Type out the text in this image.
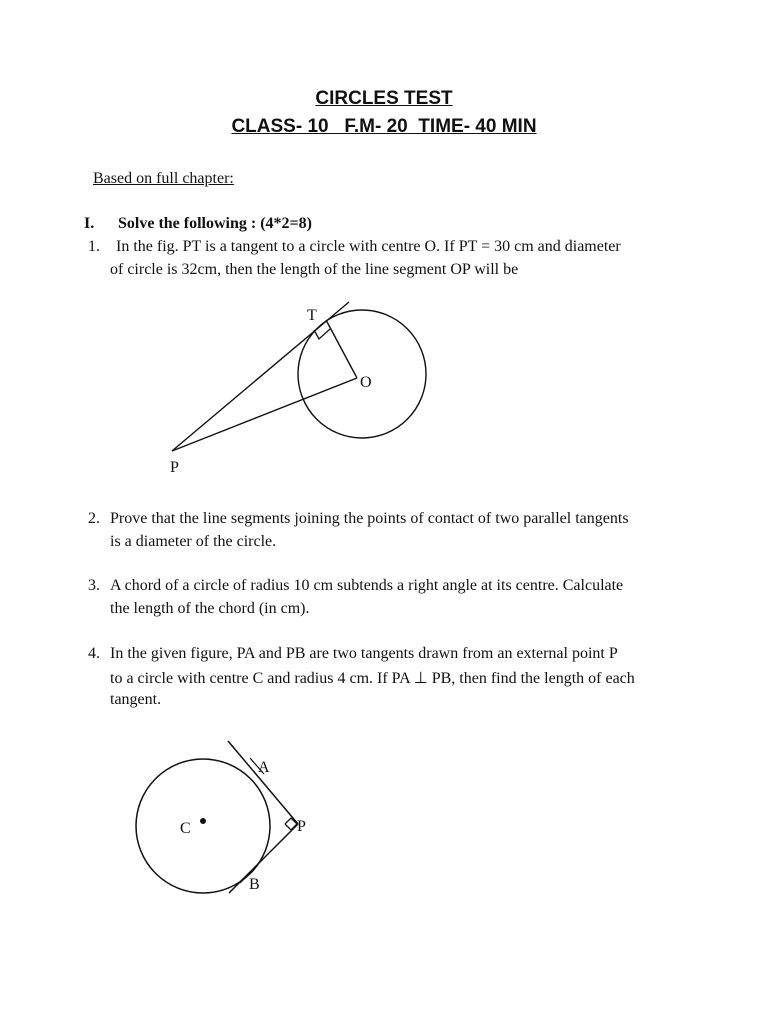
CIRCLES TEST
CLASS- 10   F.M- 20  TIME- 40 MIN
Based on full chapter:
I. Solve the following : (4*2=8)
1. In the fig. PT is a tangent to a circle with centre O. If PT = 30 cm and diameter
of circle is 32cm, then the length of the line segment OP will be
T
O
P
2. Prove that the line segments joining the points of contact of two parallel tangents
is a diameter of the circle.
3. A chord of a circle of radius 10 cm subtends a right angle at its centre. Calculate
the length of the chord (in cm).
4. In the given figure, PA and PB are two tangents drawn from an external point P
to a circle with centre C and radius 4 cm. If PA ⊥ PB, then find the length of each
tangent.
A
C	P
B
